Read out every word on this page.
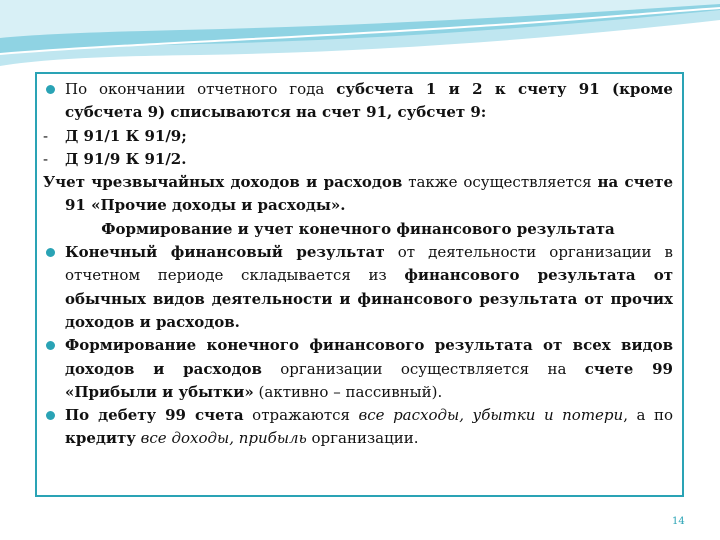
По окончании отчетного года субсчета 1 и 2 к счету 91 (кроме субсчета 9) списываются на счет 91, субсчет 9:

- Д 91/1 К 91/9;

- Д 91/9 К 91/2.

Учет чрезвычайных доходов и расходов также осуществляется на счете 91 «Прочие доходы и расходы».

Формирование и учет конечного финансового результата

Конечный финансовый результат от деятельности организации в отчетном периоде складывается из финансового результата от обычных видов деятельности и финансового результата от прочих доходов и расходов.

Формирование конечного финансового результата от всех видов доходов и расходов организации осуществляется на счете 99 «Прибыли и убытки» (активно – пассивный).

По дебету 99 счета отражаются все расходы, убытки и потери, а по кредиту все доходы, прибыль организации.

14
